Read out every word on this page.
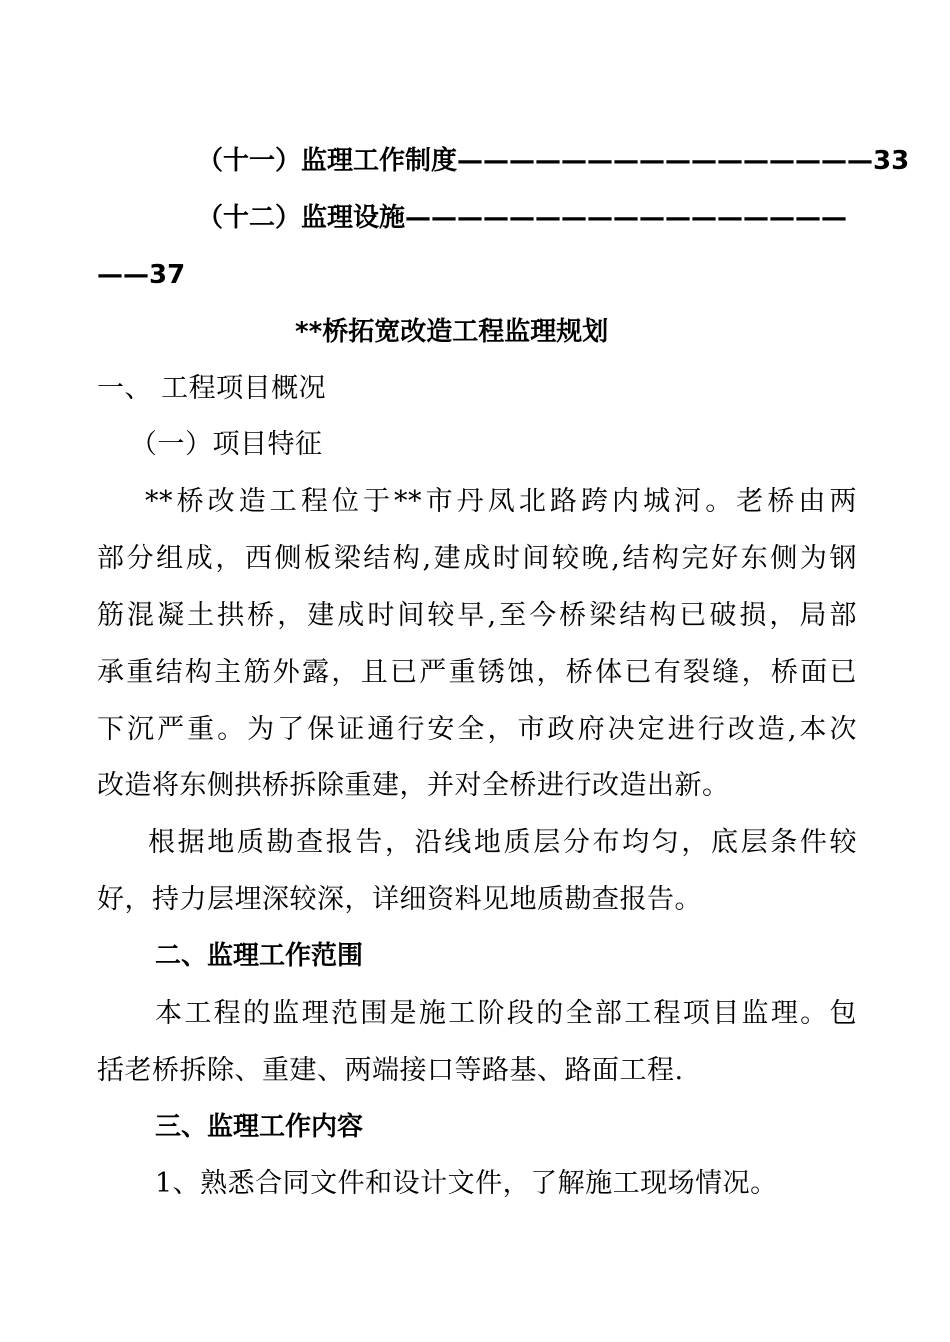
（十一）监理工作制度————————————————33
（十二）监理设施—————————————————
——37
**桥拓宽改造工程监理规划
一、 工程项目概况
（一）项目特征
**桥改造工程位于**市丹凤北路跨内城河。老桥由两
部分组成，西侧板梁结构,建成时间较晚,结构完好东侧为钢
筋混凝土拱桥，建成时间较早,至今桥梁结构已破损，局部
承重结构主筋外露，且已严重锈蚀，桥体已有裂缝，桥面已
下沉严重。为了保证通行安全，市政府决定进行改造,本次
改造将东侧拱桥拆除重建，并对全桥进行改造出新。
根据地质勘查报告，沿线地质层分布均匀，底层条件较
好，持力层埋深较深，详细资料见地质勘查报告。
二、监理工作范围
本工程的监理范围是施工阶段的全部工程项目监理。包
括老桥拆除、重建、两端接口等路基、路面工程.
三、监理工作内容
1、熟悉合同文件和设计文件，了解施工现场情况。
